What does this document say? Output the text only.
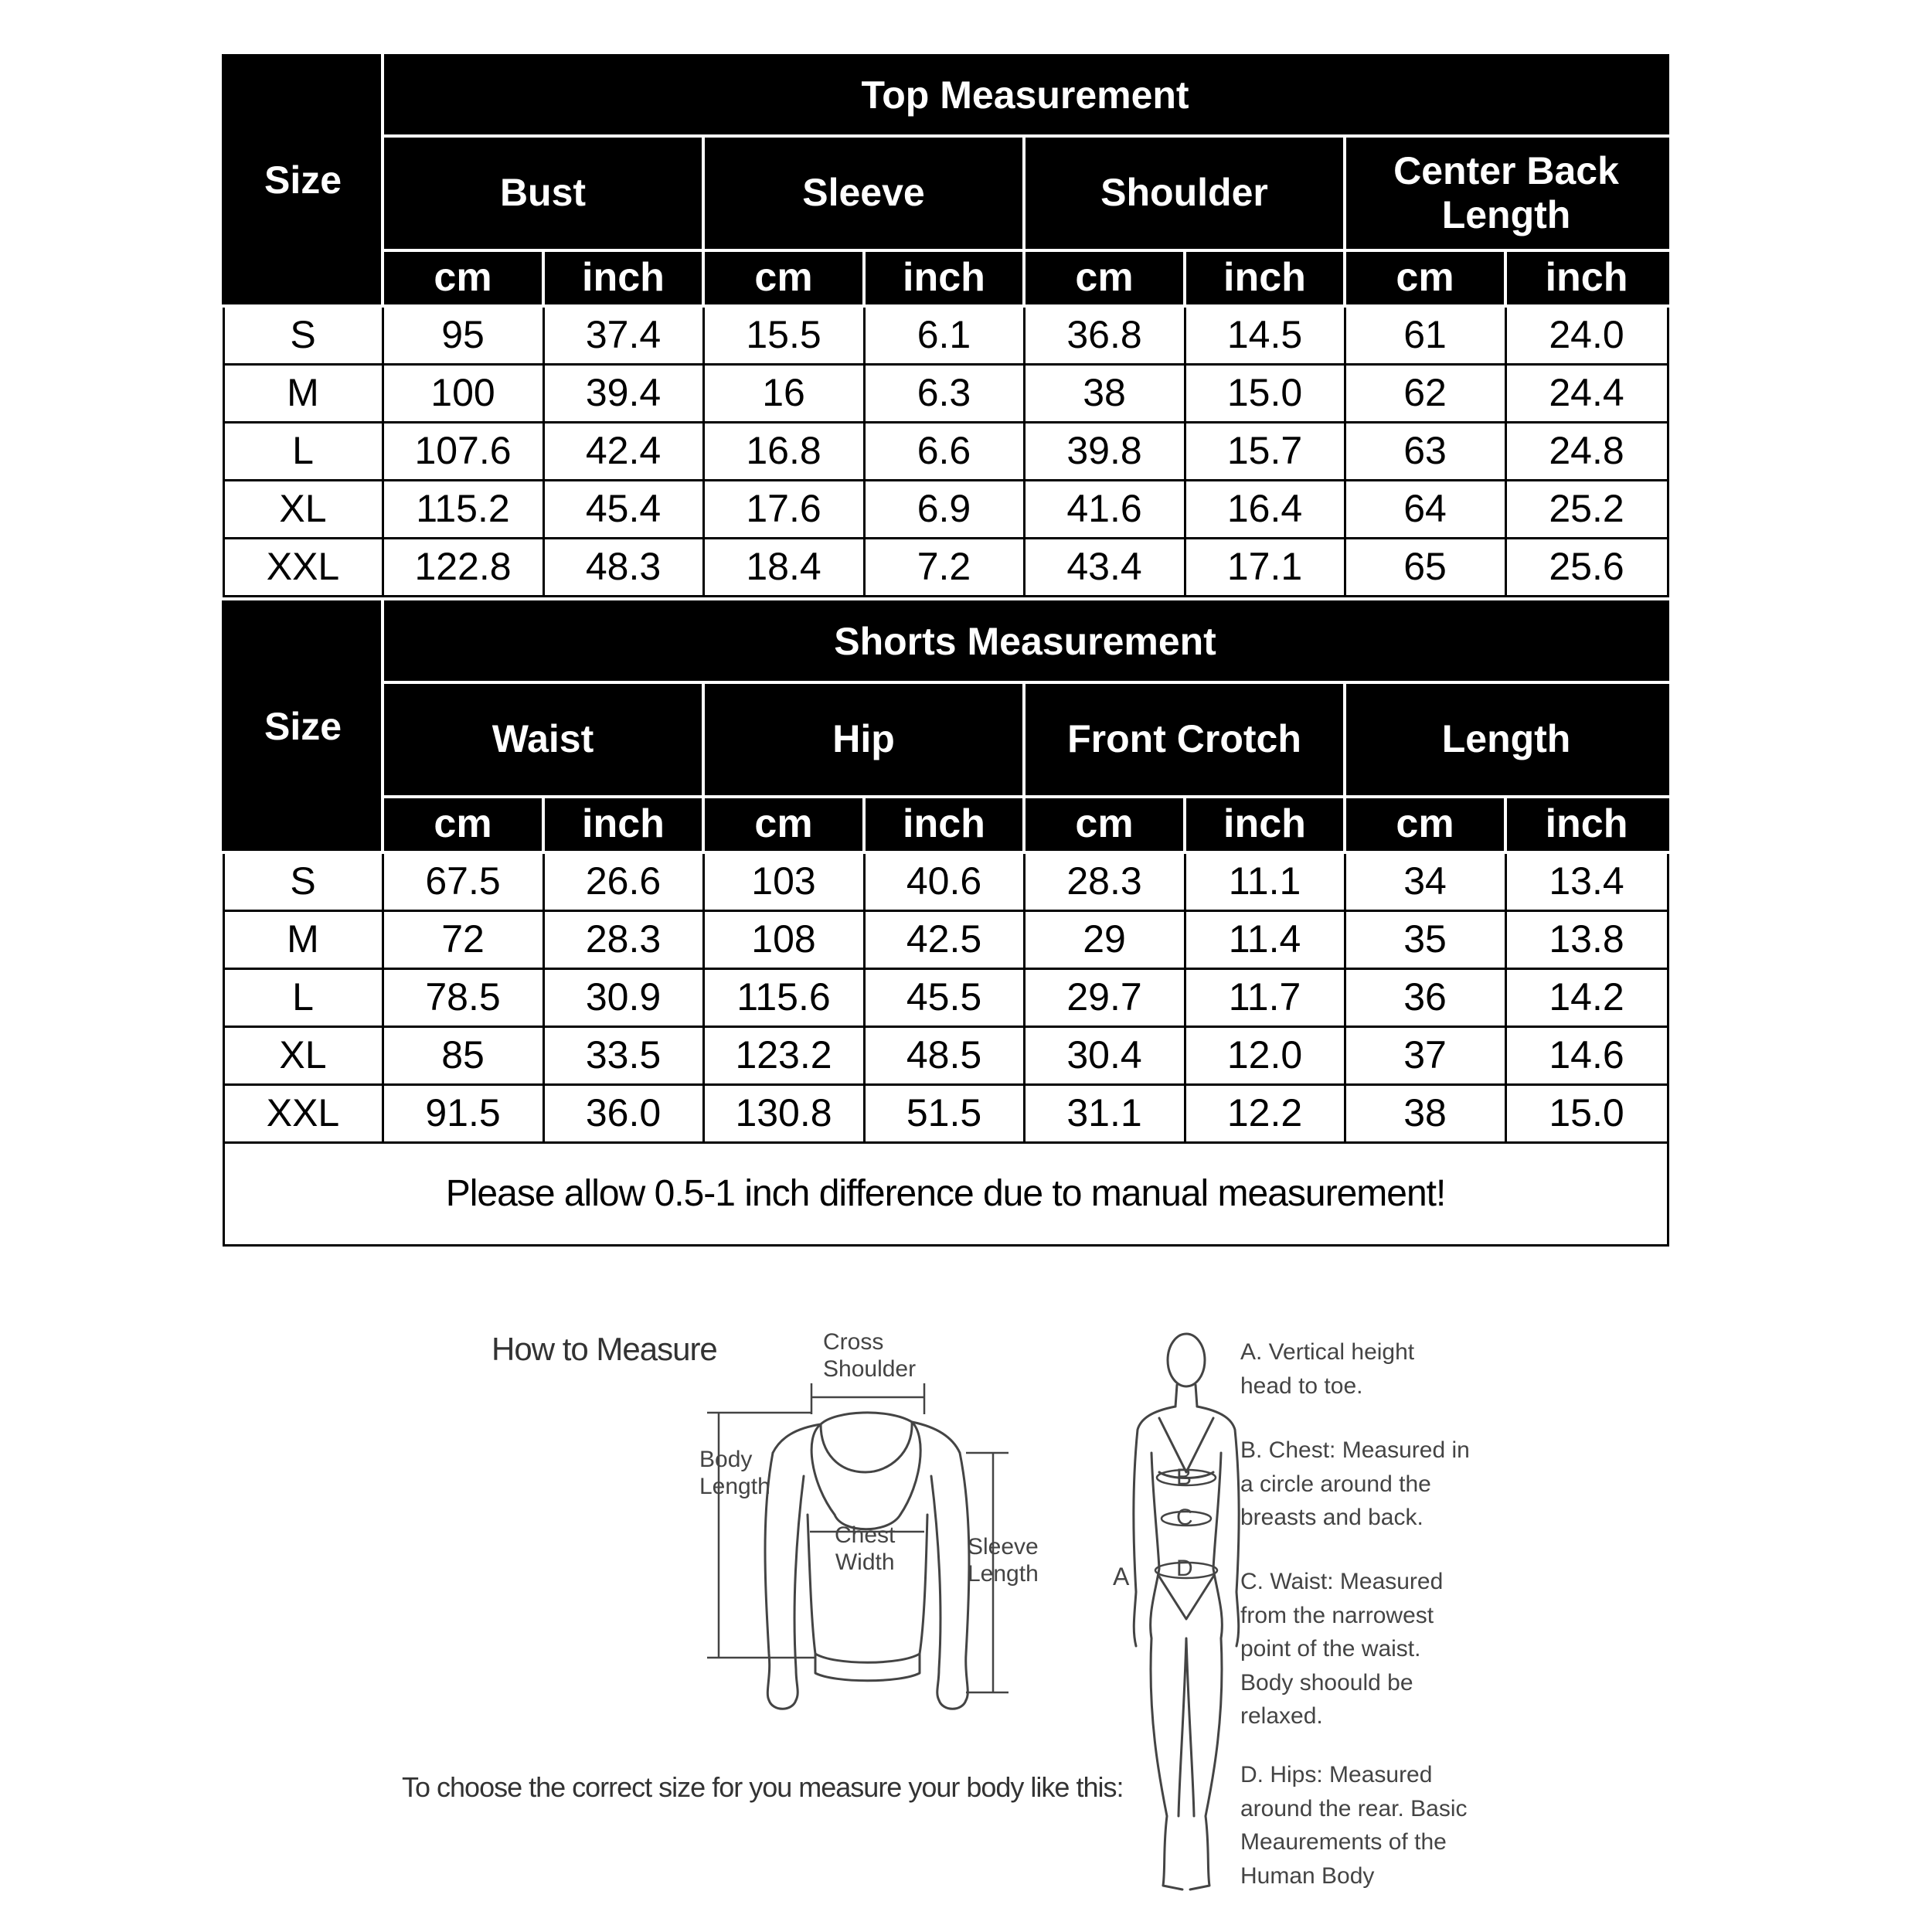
Size	Top Measurement							
	Bust		Sleeve		Shoulder		Center Back Length	
	cm	inch	cm	inch	cm	inch	cm	inch
S	95	37.4	15.5	6.1	36.8	14.5	61	24.0
M	100	39.4	16	6.3	38	15.0	62	24.4
L	107.6	42.4	16.8	6.6	39.8	15.7	63	24.8
XL	115.2	45.4	17.6	6.9	41.6	16.4	64	25.2
XXL	122.8	48.3	18.4	7.2	43.4	17.1	65	25.6
Size	Shorts Measurement							
	Waist		Hip		Front Crotch		Length	
	cm	inch	cm	inch	cm	inch	cm	inch
S	67.5	26.6	103	40.6	28.3	11.1	34	13.4
M	72	28.3	108	42.5	29	11.4	35	13.8
L	78.5	30.9	115.6	45.5	29.7	11.7	36	14.2
XL	85	33.5	123.2	48.5	30.4	12.0	37	14.6
XXL	91.5	36.0	130.8	51.5	31.1	12.2	38	15.0
Please allow 0.5-1 inch difference due to manual measurement!								
How to Measure
To choose the correct size for you measure your body like this:
Cross
Shoulder
Body
Length
Chest
Width
Sleeve
Length	A
B
C
D
A. Vertical height head to toe.
B. Chest: Measured in a circle around the breasts and back.
C. Waist: Measured from the narrowest point of the waist. Body shoould be relaxed.
D. Hips: Measured around the rear. Basic Meaurements of the Human Body
